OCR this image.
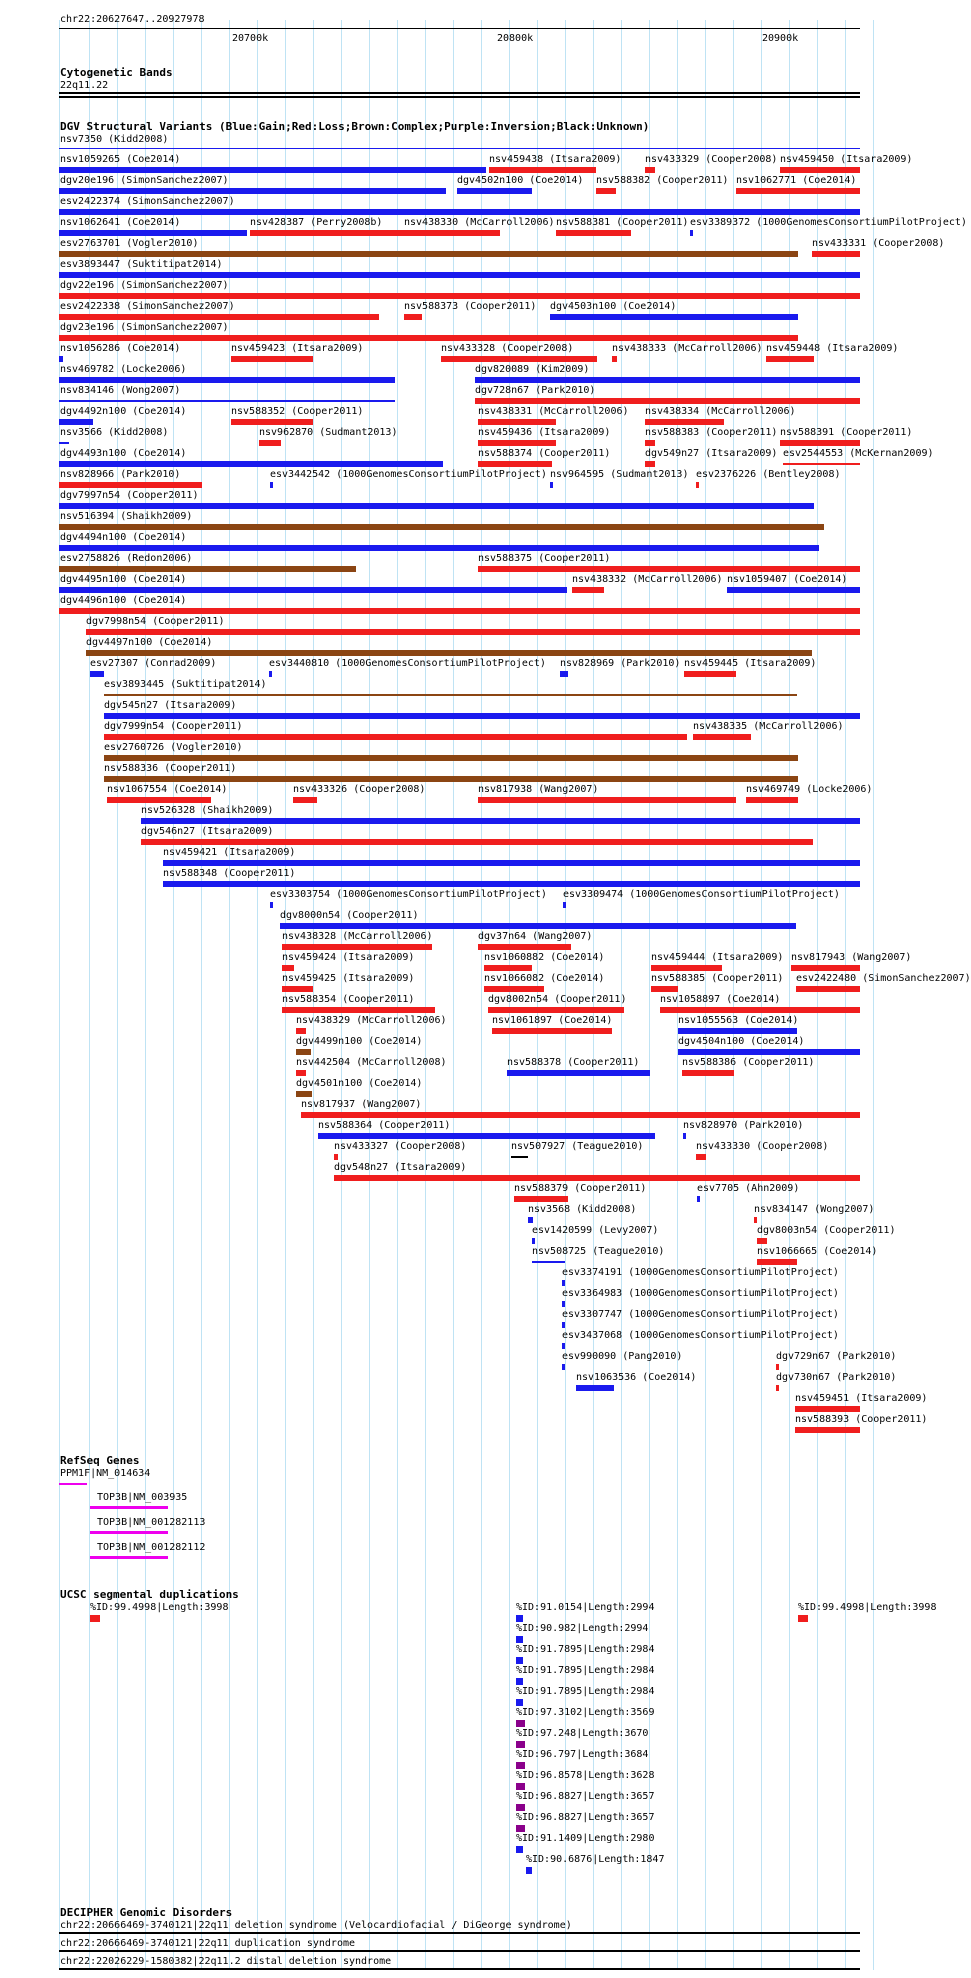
chr22:20627647..20927978
20700k	20800k	20900k
Cytogenetic Bands
22q11.22
DGV Structural Variants (Blue:Gain;Red:Loss;Brown:Complex;Purple:Inversion;Black:Unknown)
nsv7350 (Kidd2008)
nsv1059265 (Coe2014)	nsv459438 (Itsara2009) nsv433329 (Cooper2008) nsv459450 (Itsara2009)
dgv20e196 (SimonSanchez2007)	dgv4502n100 (Coe2014) nsv588382 (Cooper2011) nsv1062771 (Coe2014)
esv2422374 (SimonSanchez2007)
nsv1062641 (Coe2014)	nsv428387 (Perry2008b) nsv438330 (McCarroll2006) nsv588381 (Cooper2011) esv3389372 (1000GenomesConsortiumPilotProject)
esv2763701 (Vogler2010)	nsv433331 (Cooper2008)
esv3893447 (Suktitipat2014)
dgv22e196 (SimonSanchez2007)
esv2422338 (SimonSanchez2007)	nsv588373 (Cooper2011) dgv4503n100 (Coe2014)
dgv23e196 (SimonSanchez2007)
nsv1056286 (Coe2014)	nsv459423 (Itsara2009)	nsv433328 (Cooper2008)	nsv438333 (McCarroll2006) nsv459448 (Itsara2009)
nsv469782 (Locke2006)	dgv820089 (Kim2009)
nsv834146 (Wong2007)	dgv728n67 (Park2010)
dgv4492n100 (Coe2014)	nsv588352 (Cooper2011)	nsv438331 (McCarroll2006) nsv438334 (McCarroll2006)
nsv3566 (Kidd2008)	nsv962870 (Sudmant2013)	nsv459436 (Itsara2009)	nsv588383 (Cooper2011) nsv588391 (Cooper2011)
dgv4493n100 (Coe2014)	nsv588374 (Cooper2011)	dgv549n27 (Itsara2009) esv2544553 (McKernan2009)
nsv828966 (Park2010)	esv3442542 (1000GenomesConsortiumPilotProject) nsv964595 (Sudmant2013) esv2376226 (Bentley2008)
dgv7997n54 (Cooper2011)
nsv516394 (Shaikh2009)
dgv4494n100 (Coe2014)
esv2758826 (Redon2006)	nsv588375 (Cooper2011)
dgv4495n100 (Coe2014)	nsv438332 (McCarroll2006) nsv1059407 (Coe2014)
dgv4496n100 (Coe2014)
dgv7998n54 (Cooper2011)
dgv4497n100 (Coe2014)
esv27307 (Conrad2009)	esv3440810 (1000GenomesConsortiumPilotProject) nsv828969 (Park2010) nsv459445 (Itsara2009)
esv3893445 (Suktitipat2014)
dgv545n27 (Itsara2009)
dgv7999n54 (Cooper2011)	nsv438335 (McCarroll2006)
esv2760726 (Vogler2010)
nsv588336 (Cooper2011)
nsv1067554 (Coe2014)	nsv433326 (Cooper2008)	nsv817938 (Wang2007)	nsv469749 (Locke2006)
nsv526328 (Shaikh2009)
dgv546n27 (Itsara2009)
nsv459421 (Itsara2009)
nsv588348 (Cooper2011)
esv3303754 (1000GenomesConsortiumPilotProject) esv3309474 (1000GenomesConsortiumPilotProject)
dgv8000n54 (Cooper2011)
nsv438328 (McCarroll2006)	dgv37n64 (Wang2007)
nsv459424 (Itsara2009)	nsv1060882 (Coe2014)	nsv459444 (Itsara2009) nsv817943 (Wang2007)
nsv459425 (Itsara2009)	nsv1066082 (Coe2014)	nsv588385 (Cooper2011) esv2422480 (SimonSanchez2007)
nsv588354 (Cooper2011)	dgv8002n54 (Cooper2011)	nsv1058897 (Coe2014)
nsv438329 (McCarroll2006)	nsv1061897 (Coe2014)	nsv1055563 (Coe2014)
dgv4499n100 (Coe2014)	dgv4504n100 (Coe2014)
nsv442504 (McCarroll2008)	nsv588378 (Cooper2011)	nsv588386 (Cooper2011)
dgv4501n100 (Coe2014)
nsv817937 (Wang2007)
nsv588364 (Cooper2011)	nsv828970 (Park2010)
nsv433327 (Cooper2008)	nsv507927 (Teague2010)	nsv433330 (Cooper2008)
dgv548n27 (Itsara2009)
nsv588379 (Cooper2011)	esv7705 (Ahn2009)
nsv3568 (Kidd2008)	nsv834147 (Wong2007)
esv1420599 (Levy2007)	dgv8003n54 (Cooper2011)
nsv508725 (Teague2010)	nsv1066665 (Coe2014)
esv3374191 (1000GenomesConsortiumPilotProject)
esv3364983 (1000GenomesConsortiumPilotProject)
esv3307747 (1000GenomesConsortiumPilotProject)
esv3437068 (1000GenomesConsortiumPilotProject)
esv990090 (Pang2010)	dgv729n67 (Park2010)
nsv1063536 (Coe2014)	dgv730n67 (Park2010)
nsv459451 (Itsara2009)
nsv588393 (Cooper2011)
RefSeq Genes
PPM1F|NM_014634
TOP3B|NM_003935
TOP3B|NM_001282113
TOP3B|NM_001282112
UCSC segmental duplications
%ID:99.4998|Length:3998	%ID:91.0154|Length:2994	%ID:99.4998|Length:3998
%ID:90.982|Length:2994
%ID:91.7895|Length:2984
%ID:91.7895|Length:2984
%ID:91.7895|Length:2984
%ID:97.3102|Length:3569
%ID:97.248|Length:3670
%ID:96.797|Length:3684
%ID:96.8578|Length:3628
%ID:96.8827|Length:3657
%ID:96.8827|Length:3657
%ID:91.1409|Length:2980
%ID:90.6876|Length:1847
DECIPHER Genomic Disorders
chr22:20666469-3740121|22q11 deletion syndrome (Velocardiofacial / DiGeorge syndrome)
chr22:20666469-3740121|22q11 duplication syndrome
chr22:22026229-1580382|22q11.2 distal deletion syndrome
